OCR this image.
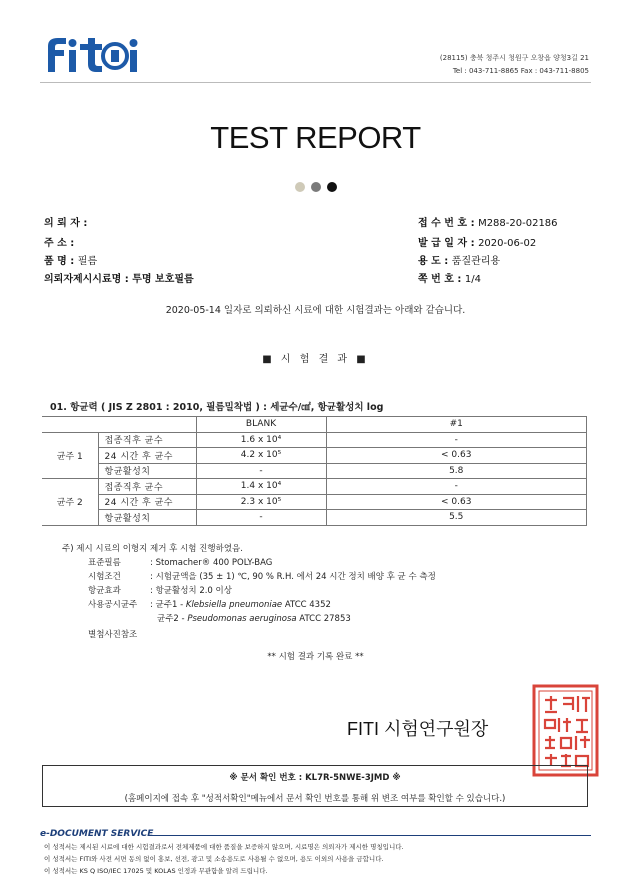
(28115) 충북 청주시 청원구 오창읍 양청3길 21
Tel : 043-711-8865 Fax : 043-711-8805
TEST REPORT
의 뢰 자 :
주 소 :
품 명 : 필름
의뢰자제시시료명 : 투명 보호필름
접 수 번 호 : M288-20-02186
발 급 일 자 : 2020-06-02
용 도 : 품질관리용
쪽 번 호 : 1/4
2020-05-14 일자로 의뢰하신 시료에 대한 시험결과는 아래와 같습니다.
■ 시 험 결 과 ■
01. 항균력 ( JIS Z 2801 : 2010, 필름밀착법 ) : 세균수/㎠, 항균활성치 log
		BLANK	#1
균주 1	접종직후 균수	1.6 x 10⁴	-
	24 시간 후 균수	4.2 x 10⁵	< 0.63
	항균활성치	-	5.8
균주 2	접종직후 균수	1.4 x 10⁴	-
	24 시간 후 균수	2.3 x 10⁵	< 0.63
	항균활성치	-	5.5
주) 제시 시료의 이형지 제거 후 시험 진행하였음.
표준필름	: Stomacher® 400 POLY-BAG
시험조건	: 시험균액을 (35 ± 1) ℃, 90 % R.H. 에서 24 시간 정치 배양 후 균 수 측정
항균효과	: 항균활성치 2.0 이상
사용공시균주 : 균주1 - Klebsiella pneumoniae ATCC 4352
균주2 - Pseudomonas aeruginosa ATCC 27853
별첨사진참조
** 시험 결과 기록 완료 **
FITI 시험연구원장
※ 문서 확인 번호 : KL7R-5NWE-3JMD ※
(홈페이지에 접속 후 "성적서확인"메뉴에서 문서 확인 번호를 통해 위 변조 여부를 확인할 수 있습니다.)
e-DOCUMENT SERVICE
이 성적서는 제시된 시료에 대한 시험결과로서 전체제품에 대한 품질을 보증하지 않으며, 시료명은 의뢰자가 제시한 명칭입니다.
이 성적서는 FITI와 사전 서면 동의 없이 홍보, 선전, 광고 및 소송용도로 사용될 수 없으며, 용도 이외의 사용을 금합니다.
이 성적서는 KS Q ISO/IEC 17025 및 KOLAS 인정과 무관함을 알려 드립니다.
